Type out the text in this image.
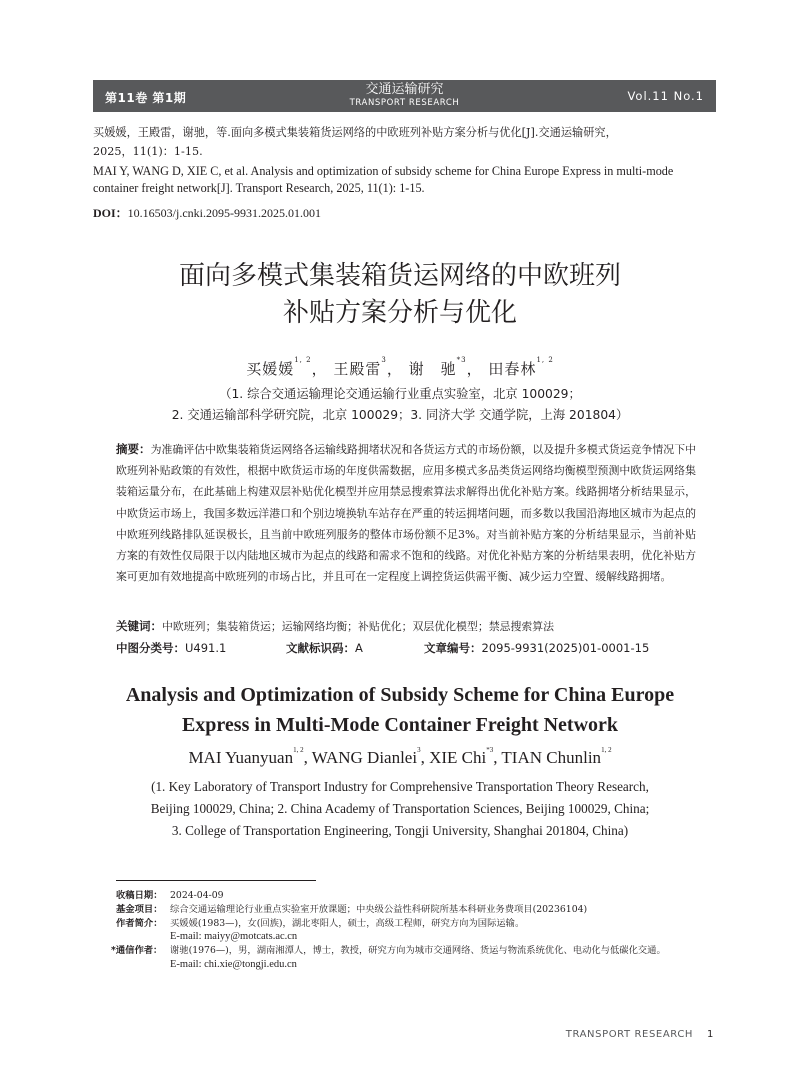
第11卷 第1期
交通运输研究
TRANSPORT RESEARCH	Vol.11 No.1
买媛媛，王殿雷，谢驰，等.面向多模式集装箱货运网络的中欧班列补贴方案分析与优化[J].交通运输研究，
2025，11(1)：1-15.
MAI Y, WANG D, XIE C, et al. Analysis and optimization of subsidy scheme for China Europe Express in multi-mode container freight network[J]. Transport Research, 2025, 11(1): 1-15.
DOI：10.16503/j.cnki.2095-9931.2025.01.001
面向多模式集装箱货运网络的中欧班列
补贴方案分析与优化
买媛媛$^{1, 2}$， 王殿雷$^3$， 谢　驰$^{*3}$， 田春林$^{1, 2}$
（1. 综合交通运输理论交通运输行业重点实验室，北京 100029；
2. 交通运输部科学研究院，北京 100029；3. 同济大学 交通学院，上海 201804）
摘要：为准确评估中欧集装箱货运网络各运输线路拥堵状况和各货运方式的市场份额，以及提升多模式货运竞争情况下中欧班列补贴政策的有效性，根据中欧货运市场的年度供需数据，应用多模式多品类货运网络均衡模型预测中欧货运网络集装箱运量分布，在此基础上构建双层补贴优化模型并应用禁忌搜索算法求解得出优化补贴方案。线路拥堵分析结果显示，中欧货运市场上，我国多数远洋港口和个别边境换轨车站存在严重的转运拥堵问题，而多数以我国沿海地区城市为起点的中欧班列线路排队延误极长，且当前中欧班列服务的整体市场份额不足3%。对当前补贴方案的分析结果显示，当前补贴方案的有效性仅局限于以内陆地区城市为起点的线路和需求不饱和的线路。对优化补贴方案的分析结果表明，优化补贴方案可更加有效地提高中欧班列的市场占比，并且可在一定程度上调控货运供需平衡、减少运力空置、缓解线路拥堵。
关键词：中欧班列；集装箱货运；运输网络均衡；补贴优化；双层优化模型；禁忌搜索算法
中图分类号：U491.1	文献标识码：A	文章编号：2095-9931(2025)01-0001-15
Analysis and Optimization of Subsidy Scheme for China Europe
Express in Multi-Mode Container Freight Network
MAI Yuanyuan$^{1, 2}$, WANG Dianlei$^3$, XIE Chi$^{*3}$, TIAN Chunlin$^{1, 2}$
(1. Key Laboratory of Transport Industry for Comprehensive Transportation Theory Research,
Beijing 100029, China; 2. China Academy of Transportation Sciences, Beijing 100029, China;
3. College of Transportation Engineering, Tongji University, Shanghai 201804, China)
收稿日期： 2024-04-09
基金项目： 综合交通运输理论行业重点实验室开放课题；中央级公益性科研院所基本科研业务费项目(20236104)
作者简介： 买媛媛(1983—)，女(回族)，湖北枣阳人，硕士，高级工程师，研究方向为国际运输。
E-mail: maiyy@motcats.ac.cn
*通信作者： 谢驰(1976—)，男，湖南湘潭人，博士，教授，研究方向为城市交通网络、货运与物流系统优化、电动化与低碳化交通。
E-mail: chi.xie@tongji.edu.cn
TRANSPORT RESEARCH 1
